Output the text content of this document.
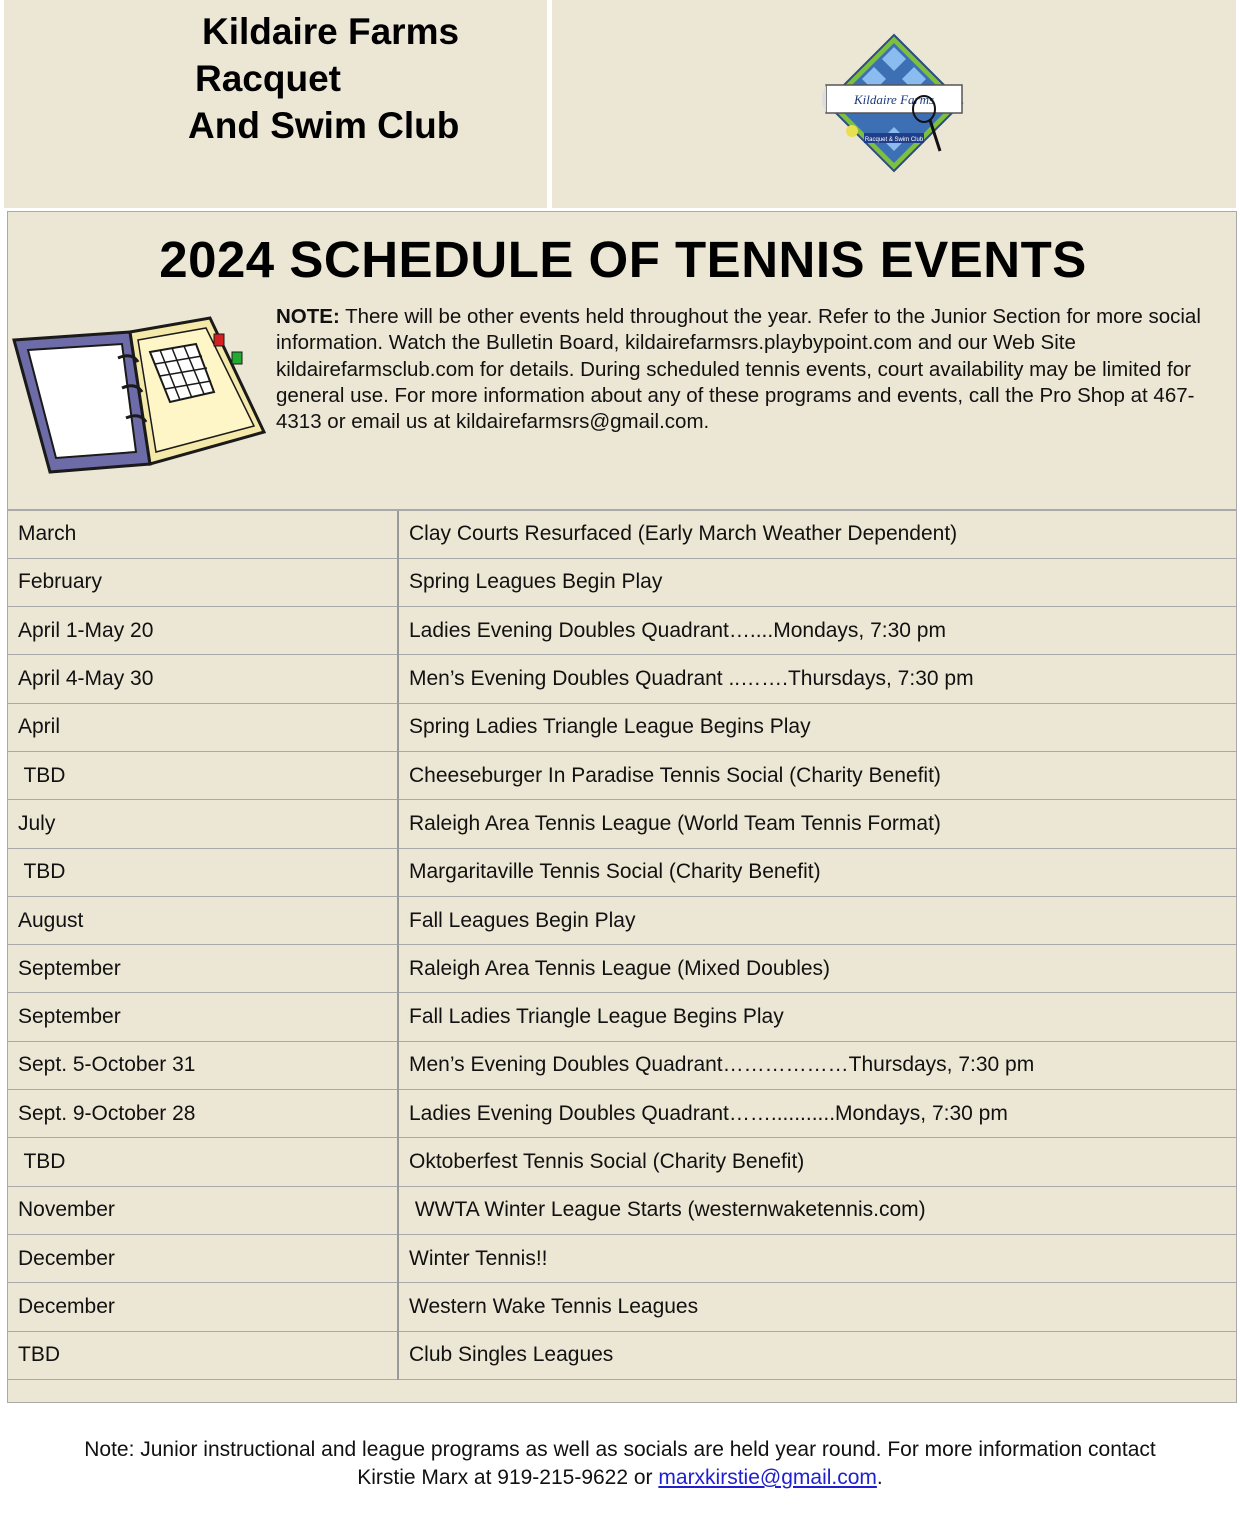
Kildaire Farms
Racquet
And Swim Club
Kildaire Farms
Racquet & Swim Club
2024 SCHEDULE OF TENNIS EVENTS
NOTE: There will be other events held throughout the year. Refer to the Junior Section for more social information. Watch the Bulletin Board, kildairefarmsrs.playbypoint.com and our Web Site kildairefarmsclub.com for details. During scheduled tennis events, court availability may be limited for general use. For more information about any of these programs and events, call the Pro Shop at 467-4313 or email us at kildairefarmsrs@gmail.com.
March	Clay Courts Resurfaced (Early March Weather Dependent)
February	Spring Leagues Begin Play
April 1-May 20	Ladies Evening Doubles Quadrant…....Mondays, 7:30 pm
April 4-May 30	Men’s Evening Doubles Quadrant ..…….Thursdays, 7:30 pm
April	Spring Ladies Triangle League Begins Play
TBD	Cheeseburger In Paradise Tennis Social (Charity Benefit)
July	Raleigh Area Tennis League (World Team Tennis Format)
TBD	Margaritaville Tennis Social (Charity Benefit)
August	Fall Leagues Begin Play
September	Raleigh Area Tennis League (Mixed Doubles)
September	Fall Ladies Triangle League Begins Play
Sept. 5-October 31	Men’s Evening Doubles Quadrant………………Thursdays, 7:30 pm
Sept. 9-October 28	Ladies Evening Doubles Quadrant……...........Mondays, 7:30 pm
TBD	Oktoberfest Tennis Social (Charity Benefit)
November	WWTA Winter League Starts (westernwaketennis.com)
December	Winter Tennis!!
December	Western Wake Tennis Leagues
TBD	Club Singles Leagues
Note: Junior instructional and league programs as well as socials are held year round. For more information contact
Kirstie Marx at 919-215-9622 or marxkirstie@gmail.com.
